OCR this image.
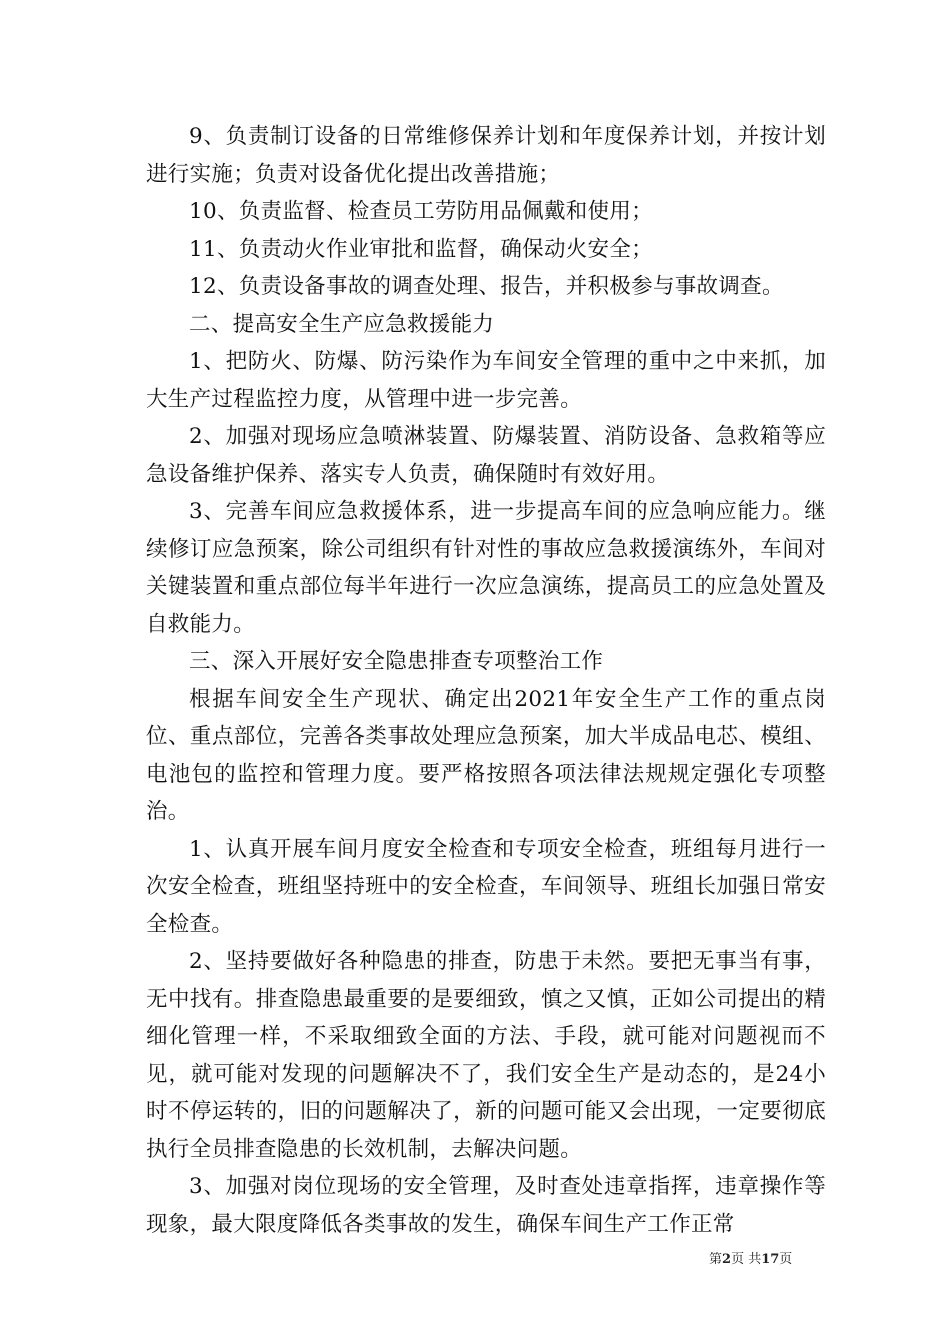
9、负责制订设备的日常维修保养计划和年度保养计划，并按计划进行实施；负责对设备优化提出改善措施；

10、负责监督、检查员工劳防用品佩戴和使用；

11、负责动火作业审批和监督，确保动火安全；

12、负责设备事故的调查处理、报告，并积极参与事故调查。

二、提高安全生产应急救援能力

1、把防火、防爆、防污染作为车间安全管理的重中之中来抓，加大生产过程监控力度，从管理中进一步完善。

2、加强对现场应急喷淋装置、防爆装置、消防设备、急救箱等应急设备维护保养、落实专人负责，确保随时有效好用。

3、完善车间应急救援体系，进一步提高车间的应急响应能力。继续修订应急预案，除公司组织有针对性的事故应急救援演练外，车间对关键装置和重点部位每半年进行一次应急演练，提高员工的应急处置及自救能力。

三、深入开展好安全隐患排查专项整治工作

根据车间安全生产现状、确定出2021年安全生产工作的重点岗位、重点部位，完善各类事故处理应急预案，加大半成品电芯、模组、电池包的监控和管理力度。要严格按照各项法律法规规定强化专项整治。

1、认真开展车间月度安全检查和专项安全检查，班组每月进行一次安全检查，班组坚持班中的安全检查，车间领导、班组长加强日常安全检查。

2、坚持要做好各种隐患的排查，防患于未然。要把无事当有事，无中找有。排查隐患最重要的是要细致，慎之又慎，正如公司提出的精细化管理一样，不采取细致全面的方法、手段，就可能对问题视而不见，就可能对发现的问题解决不了，我们安全生产是动态的，是24小时不停运转的，旧的问题解决了，新的问题可能又会出现，一定要彻底执行全员排查隐患的长效机制，去解决问题。

3、加强对岗位现场的安全管理，及时查处违章指挥，违章操作等现象，最大限度降低各类事故的发生，确保车间生产工作正常

第2页 共17页
